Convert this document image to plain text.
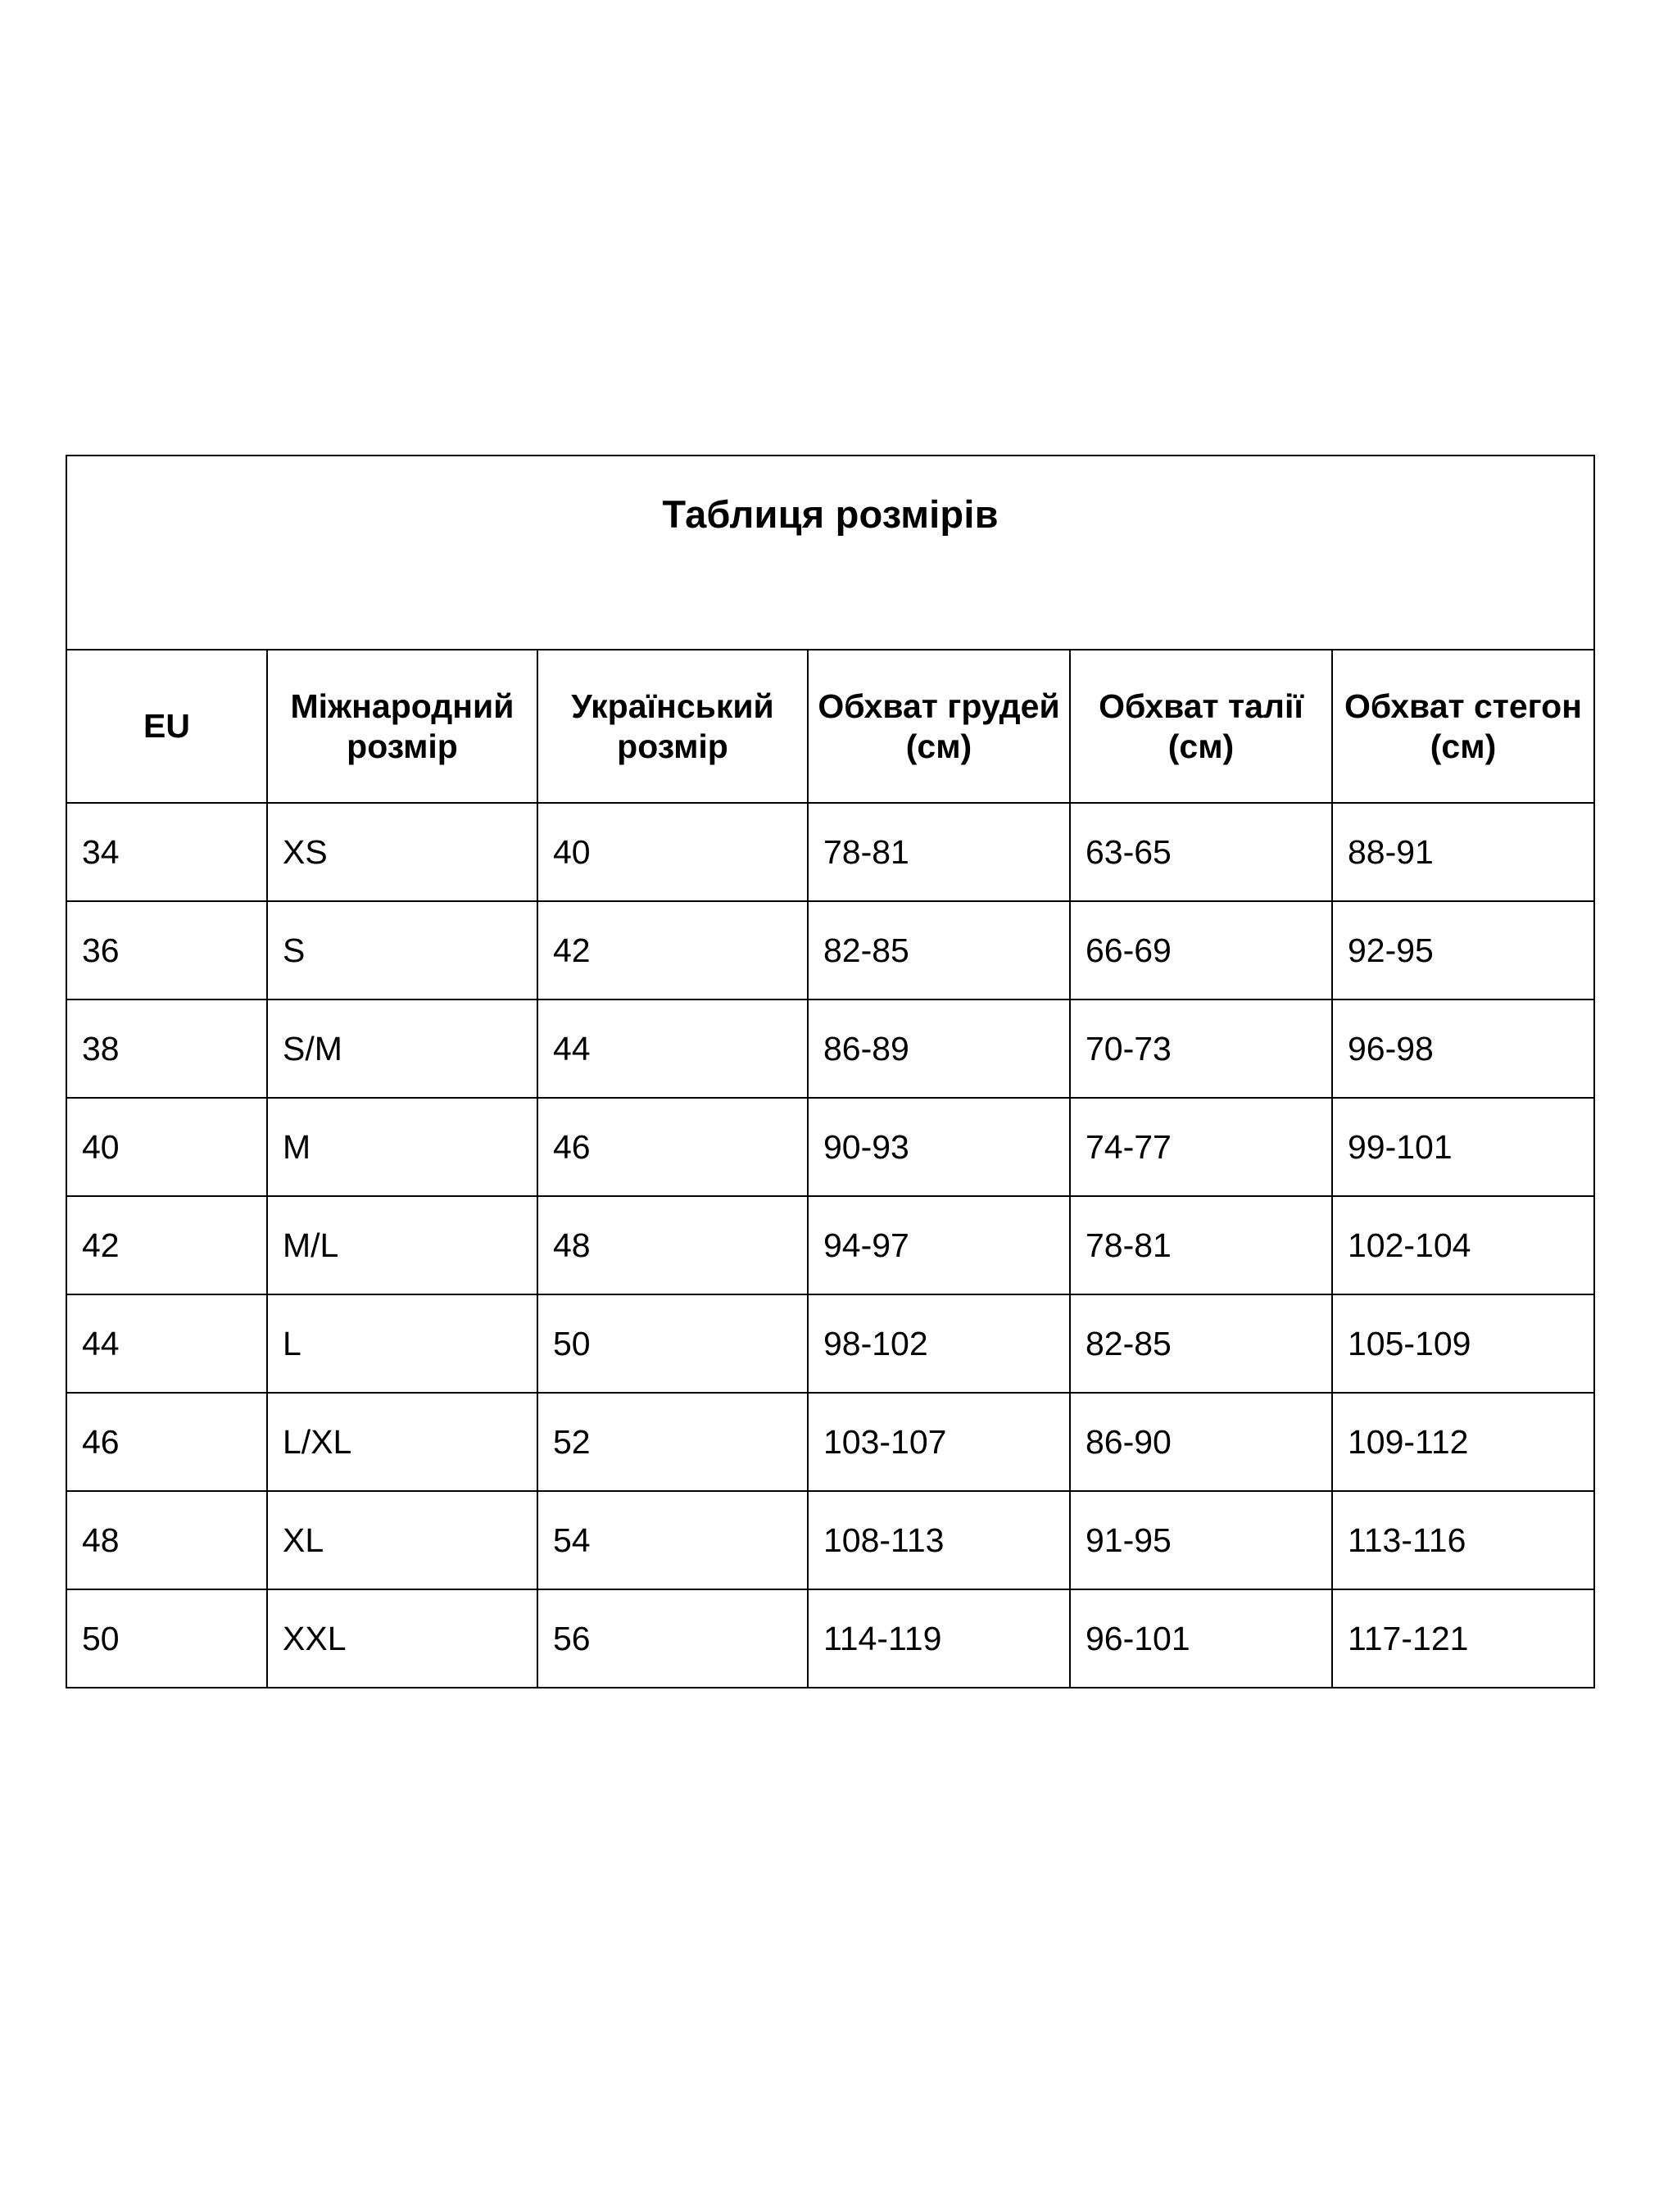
Таблиця розмірів					

EU	Міжнародний розмір	Український розмір	Обхват грудей (см)	Обхват талії (см)	Обхват стегон (см)
34	XS	40	78-81	63-65	88-91
36	S	42	82-85	66-69	92-95
38	S/M	44	86-89	70-73	96-98
40	M	46	90-93	74-77	99-101
42	M/L	48	94-97	78-81	102-104
44	L	50	98-102	82-85	105-109
46	L/XL	52	103-107	86-90	109-112
48	XL	54	108-113	91-95	113-116
50	XXL	56	114-119	96-101	117-121
